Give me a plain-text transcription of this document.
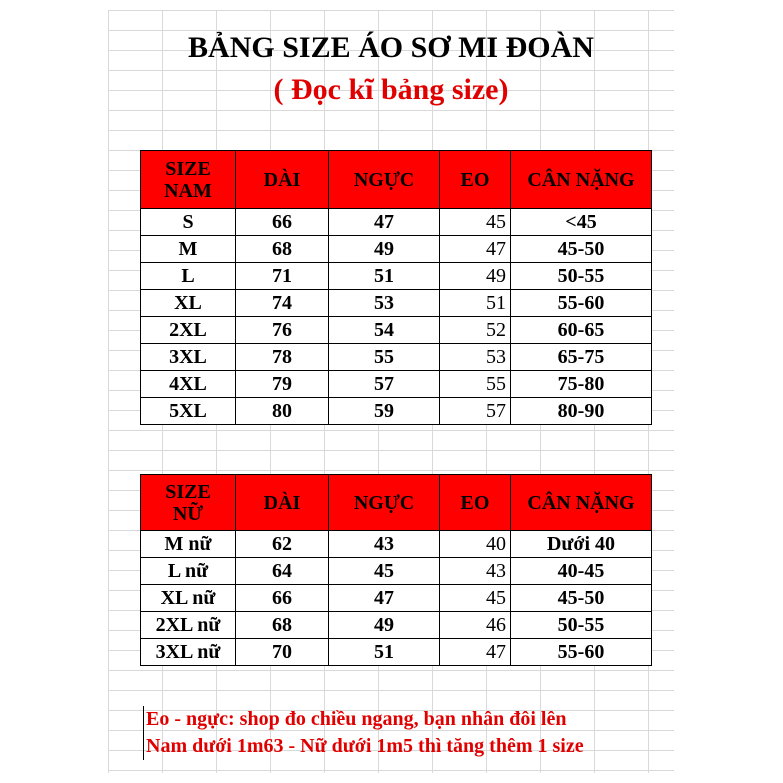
BẢNG SIZE ÁO SƠ MI ĐOÀN
( Đọc kĩ bảng size)
SIZE
NAM	DÀI	NGỰC	EO	CÂN NẶNG
S	66	47	45	<45
M	68	49	47	45-50
L	71	51	49	50-55
XL	74	53	51	55-60
2XL	76	54	52	60-65
3XL	78	55	53	65-75
4XL	79	57	55	75-80
5XL	80	59	57	80-90
SIZE
NỮ	DÀI	NGỰC	EO	CÂN NẶNG
M nữ	62	43	40	Dưới 40
L nữ	64	45	43	40-45
XL nữ	66	47	45	45-50
2XL nữ	68	49	46	50-55
3XL nữ	70	51	47	55-60
Eo - ngực: shop đo chiều ngang, bạn nhân đôi lên
Nam dưới 1m63 - Nữ dưới 1m5 thì tăng thêm 1 size
